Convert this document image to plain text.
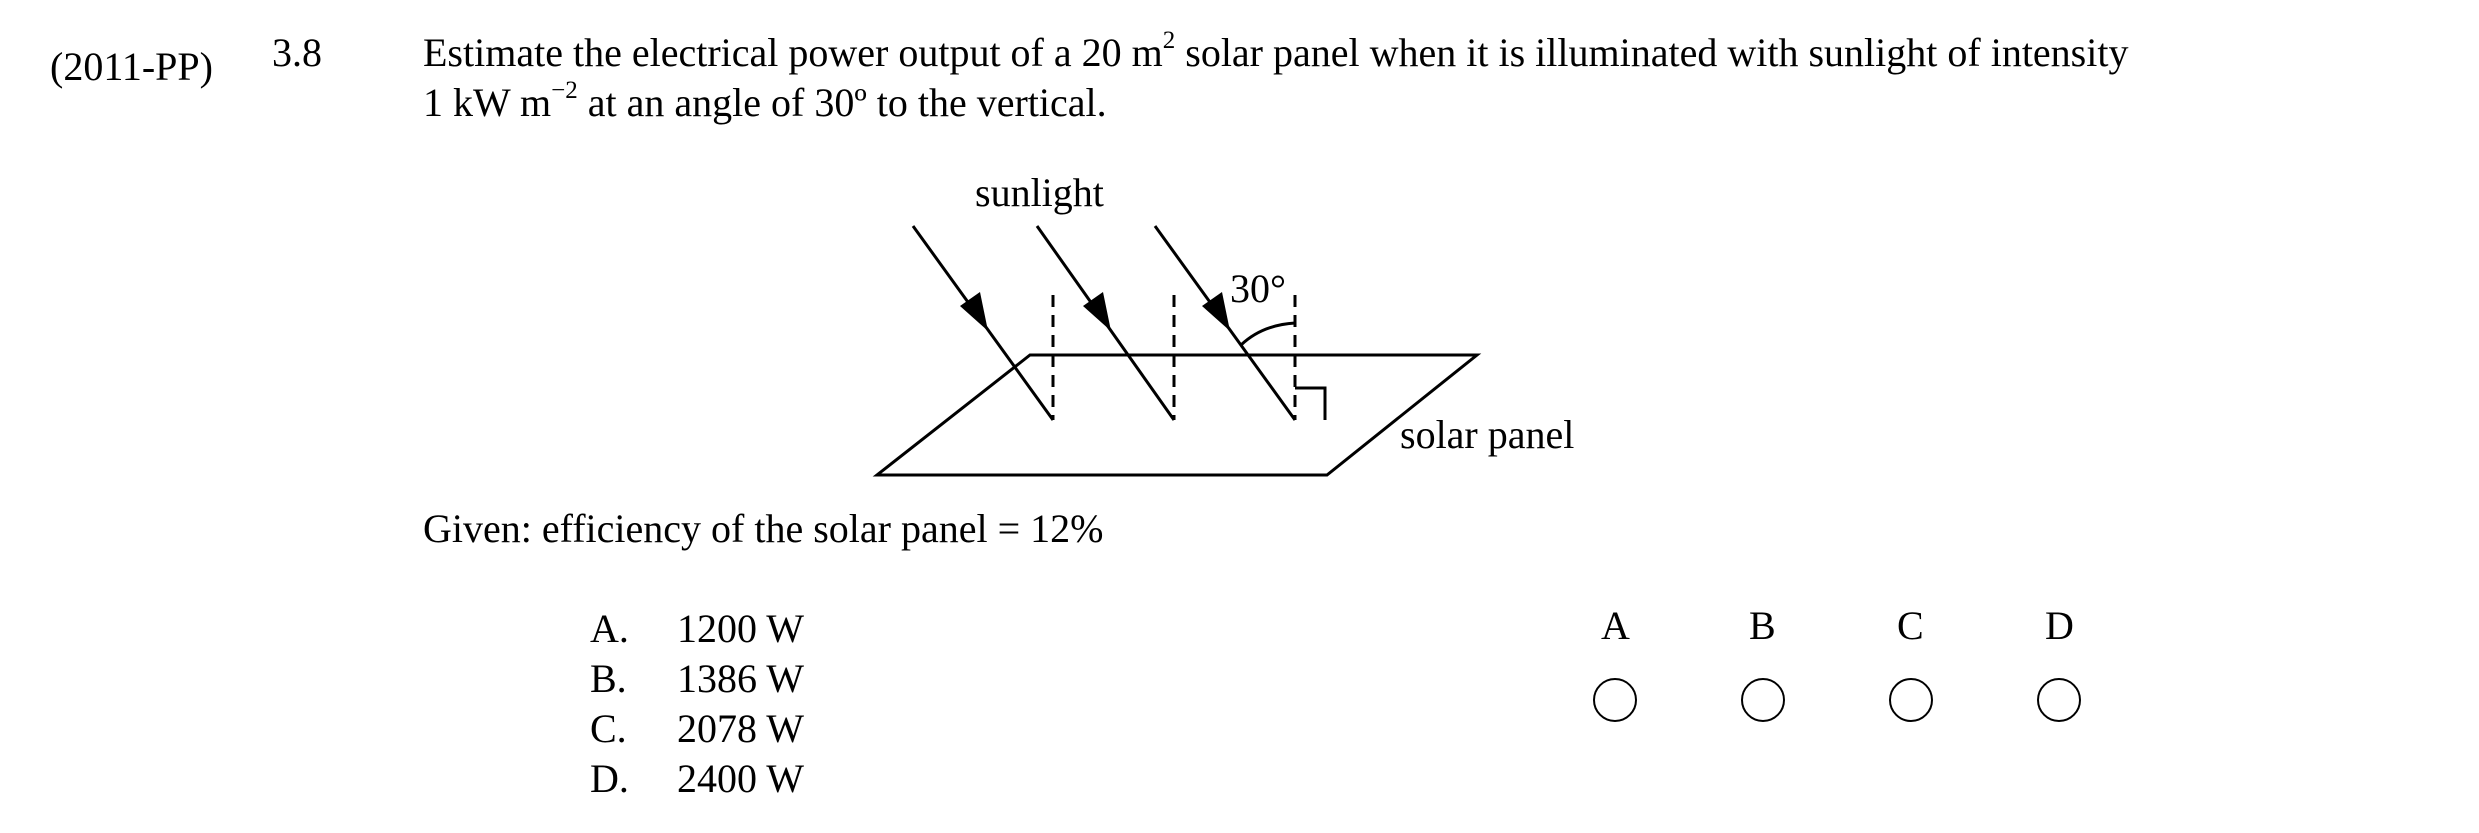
(2011-PP) 3.8	Estimate the electrical power output of a 20 $m^2$ solar panel when it is illuminated with sunlight of intensity
1 kW $m^{-2}$ at an angle of 30º to the vertical.
sunlight
30°
solar panel
Given: efficiency of the solar panel = 12%
A. 1200 W
B. 1386 W
C. 2078 W
D. 2400 W
A	B	C	D
